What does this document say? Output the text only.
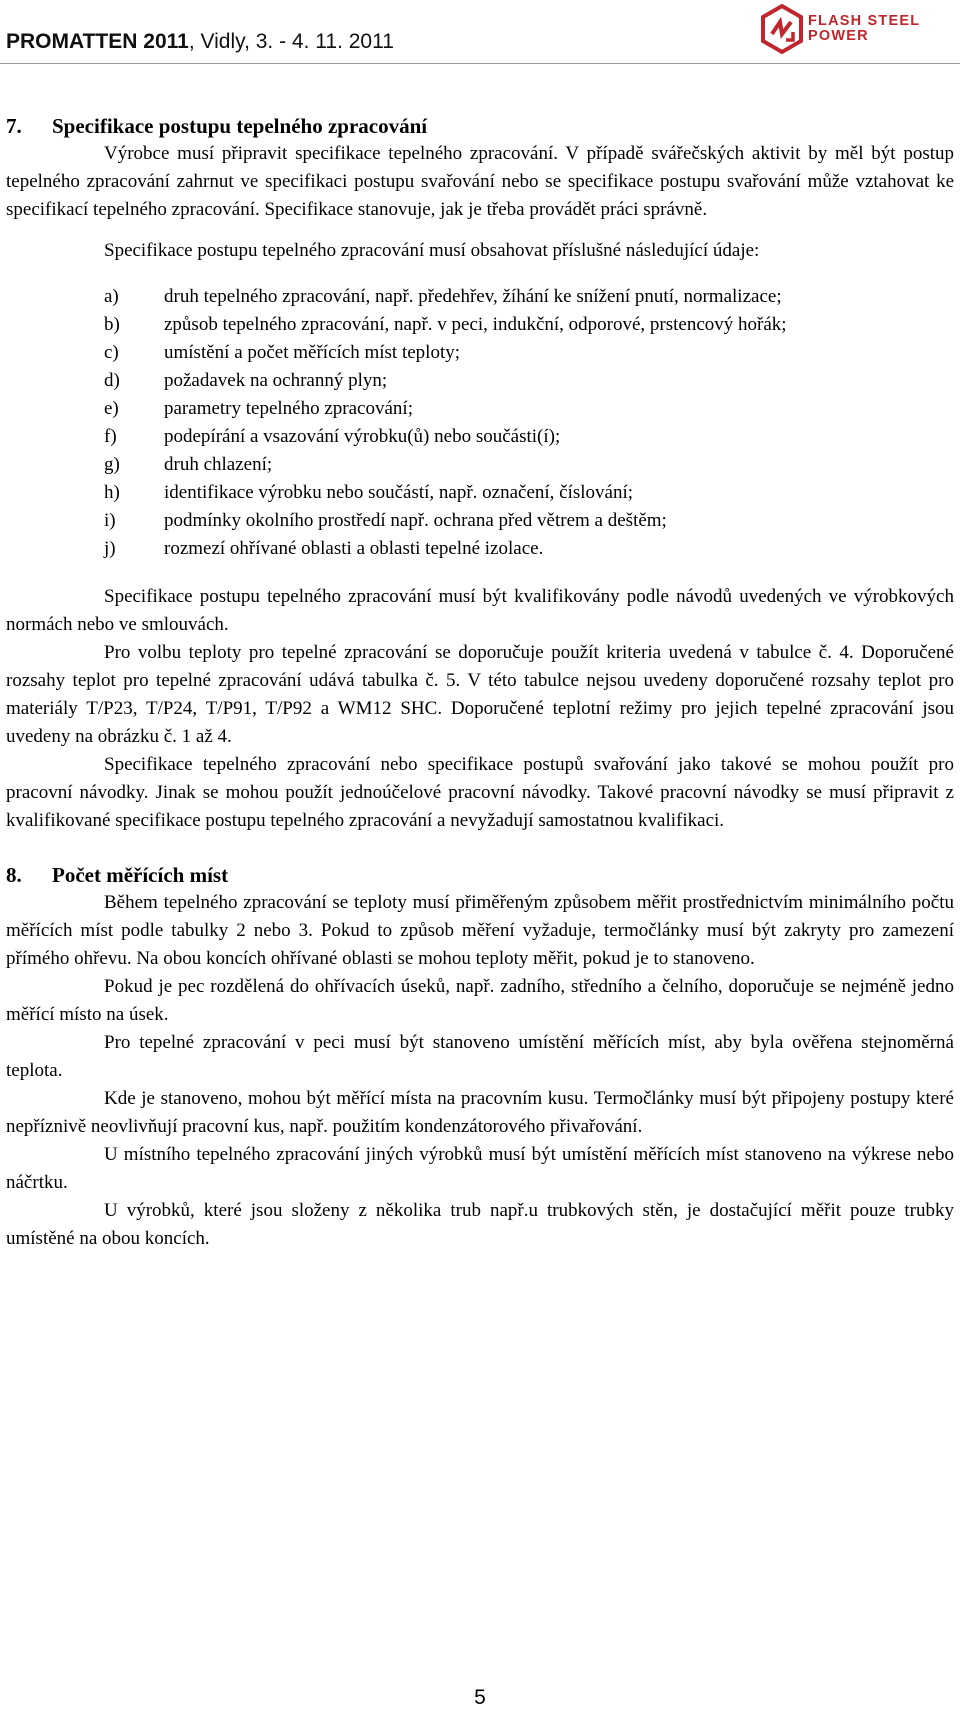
PROMATTEN 2011, Vidly, 3. - 4. 11. 2011
FLASH STEEL
POWER
7. Specifikace postupu tepelného zpracování

Výrobce musí připravit specifikace tepelného zpracování. V případě svářečských aktivit by měl být postup tepelného zpracování zahrnut ve specifikaci postupu svařování nebo se specifikace postupu svařování může vztahovat ke specifikací tepelného zpracování. Specifikace stanovuje, jak je třeba provádět práci správně.

Specifikace postupu tepelného zpracování musí obsahovat příslušné následující údaje:

a) druh tepelného zpracování, např. předehřev, žíhání ke snížení pnutí, normalizace;
b) způsob tepelného zpracování, např. v peci, indukční, odporové, prstencový hořák;
c) umístění a počet měřících míst teploty;
d) požadavek na ochranný plyn;
e) parametry tepelného zpracování;
f) podepírání a vsazování výrobku(ů) nebo součásti(í);
g) druh chlazení;
h) identifikace výrobku nebo součástí, např. označení, číslování;
i)	podmínky okolního prostředí např. ochrana před větrem a deštěm;
j)	rozmezí ohřívané oblasti a oblasti tepelné izolace.

Specifikace postupu tepelného zpracování musí být kvalifikovány podle návodů uvedených ve výrobkových normách nebo ve smlouvách.

Pro volbu teploty pro tepelné zpracování se doporučuje použít kriteria uvedená v tabulce č. 4. Doporučené rozsahy teplot pro tepelné zpracování udává tabulka č. 5. V této tabulce nejsou uvedeny doporučené rozsahy teplot pro materiály T/P23, T/P24, T/P91, T/P92 a WM12 SHC. Doporučené teplotní režimy pro jejich tepelné zpracování jsou uvedeny na obrázku č. 1 až 4.

Specifikace tepelného zpracování nebo specifikace postupů svařování jako takové se mohou použít pro pracovní návodky. Jinak se mohou použít jednoúčelové pracovní návodky. Takové pracovní návodky se musí připravit z kvalifikované specifikace postupu tepelného zpracování a nevyžadují samostatnou kvalifikaci.

8. Počet měřících míst

Během tepelného zpracování se teploty musí přiměřeným způsobem měřit prostřednictvím minimálního počtu měřících míst podle tabulky 2 nebo 3. Pokud to způsob měření vyžaduje, termočlánky musí být zakryty pro zamezení přímého ohřevu. Na obou koncích ohřívané oblasti se mohou teploty měřit, pokud je to stanoveno.

Pokud je pec rozdělená do ohřívacích úseků, např. zadního, středního a čelního, doporučuje se nejméně jedno měřící místo na úsek.

Pro tepelné zpracování v peci musí být stanoveno umístění měřících míst, aby byla ověřena stejnoměrná teplota.

Kde je stanoveno, mohou být měřící místa na pracovním kusu. Termočlánky musí být připojeny postupy které nepříznivě neovlivňují pracovní kus, např. použitím kondenzátorového přivařování.

U místního tepelného zpracování jiných výrobků musí být umístění měřících míst stanoveno na výkrese nebo náčrtku.

U výrobků, které jsou složeny z několika trub např.u trubkových stěn, je dostačující měřit pouze trubky umístěné na obou koncích.

5
